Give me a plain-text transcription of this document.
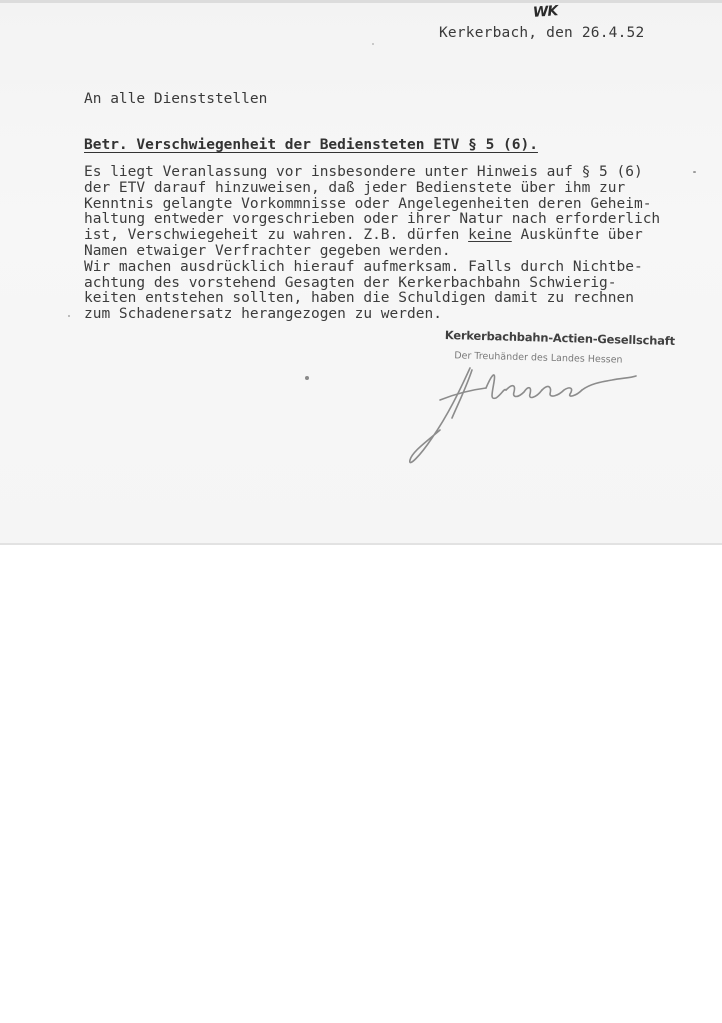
WK
Kerkerbach, den 26.4.52
An alle Dienststellen
Betr. Verschwiegenheit der Bediensteten ETV § 5 (6).
Es liegt Veranlassung vor insbesondere unter Hinweis auf § 5 (6)
der ETV darauf hinzuweisen, daß jeder Bedienstete über ihm zur
Kenntnis gelangte Vorkommnisse oder Angelegenheiten deren Geheim-
haltung entweder vorgeschrieben oder ihrer Natur nach erforderlich
ist, Verschwiegeheit zu wahren. Z.B. dürfen keine Auskünfte über
Namen etwaiger Verfrachter gegeben werden.
Wir machen ausdrücklich hierauf aufmerksam. Falls durch Nichtbe-
achtung des vorstehend Gesagten der Kerkerbachbahn Schwierig-
keiten entstehen sollten, haben die Schuldigen damit zu rechnen
zum Schadenersatz herangezogen zu werden.
Kerkerbachbahn-Actien-Gesellschaft
Der Treuhänder des Landes Hessen
